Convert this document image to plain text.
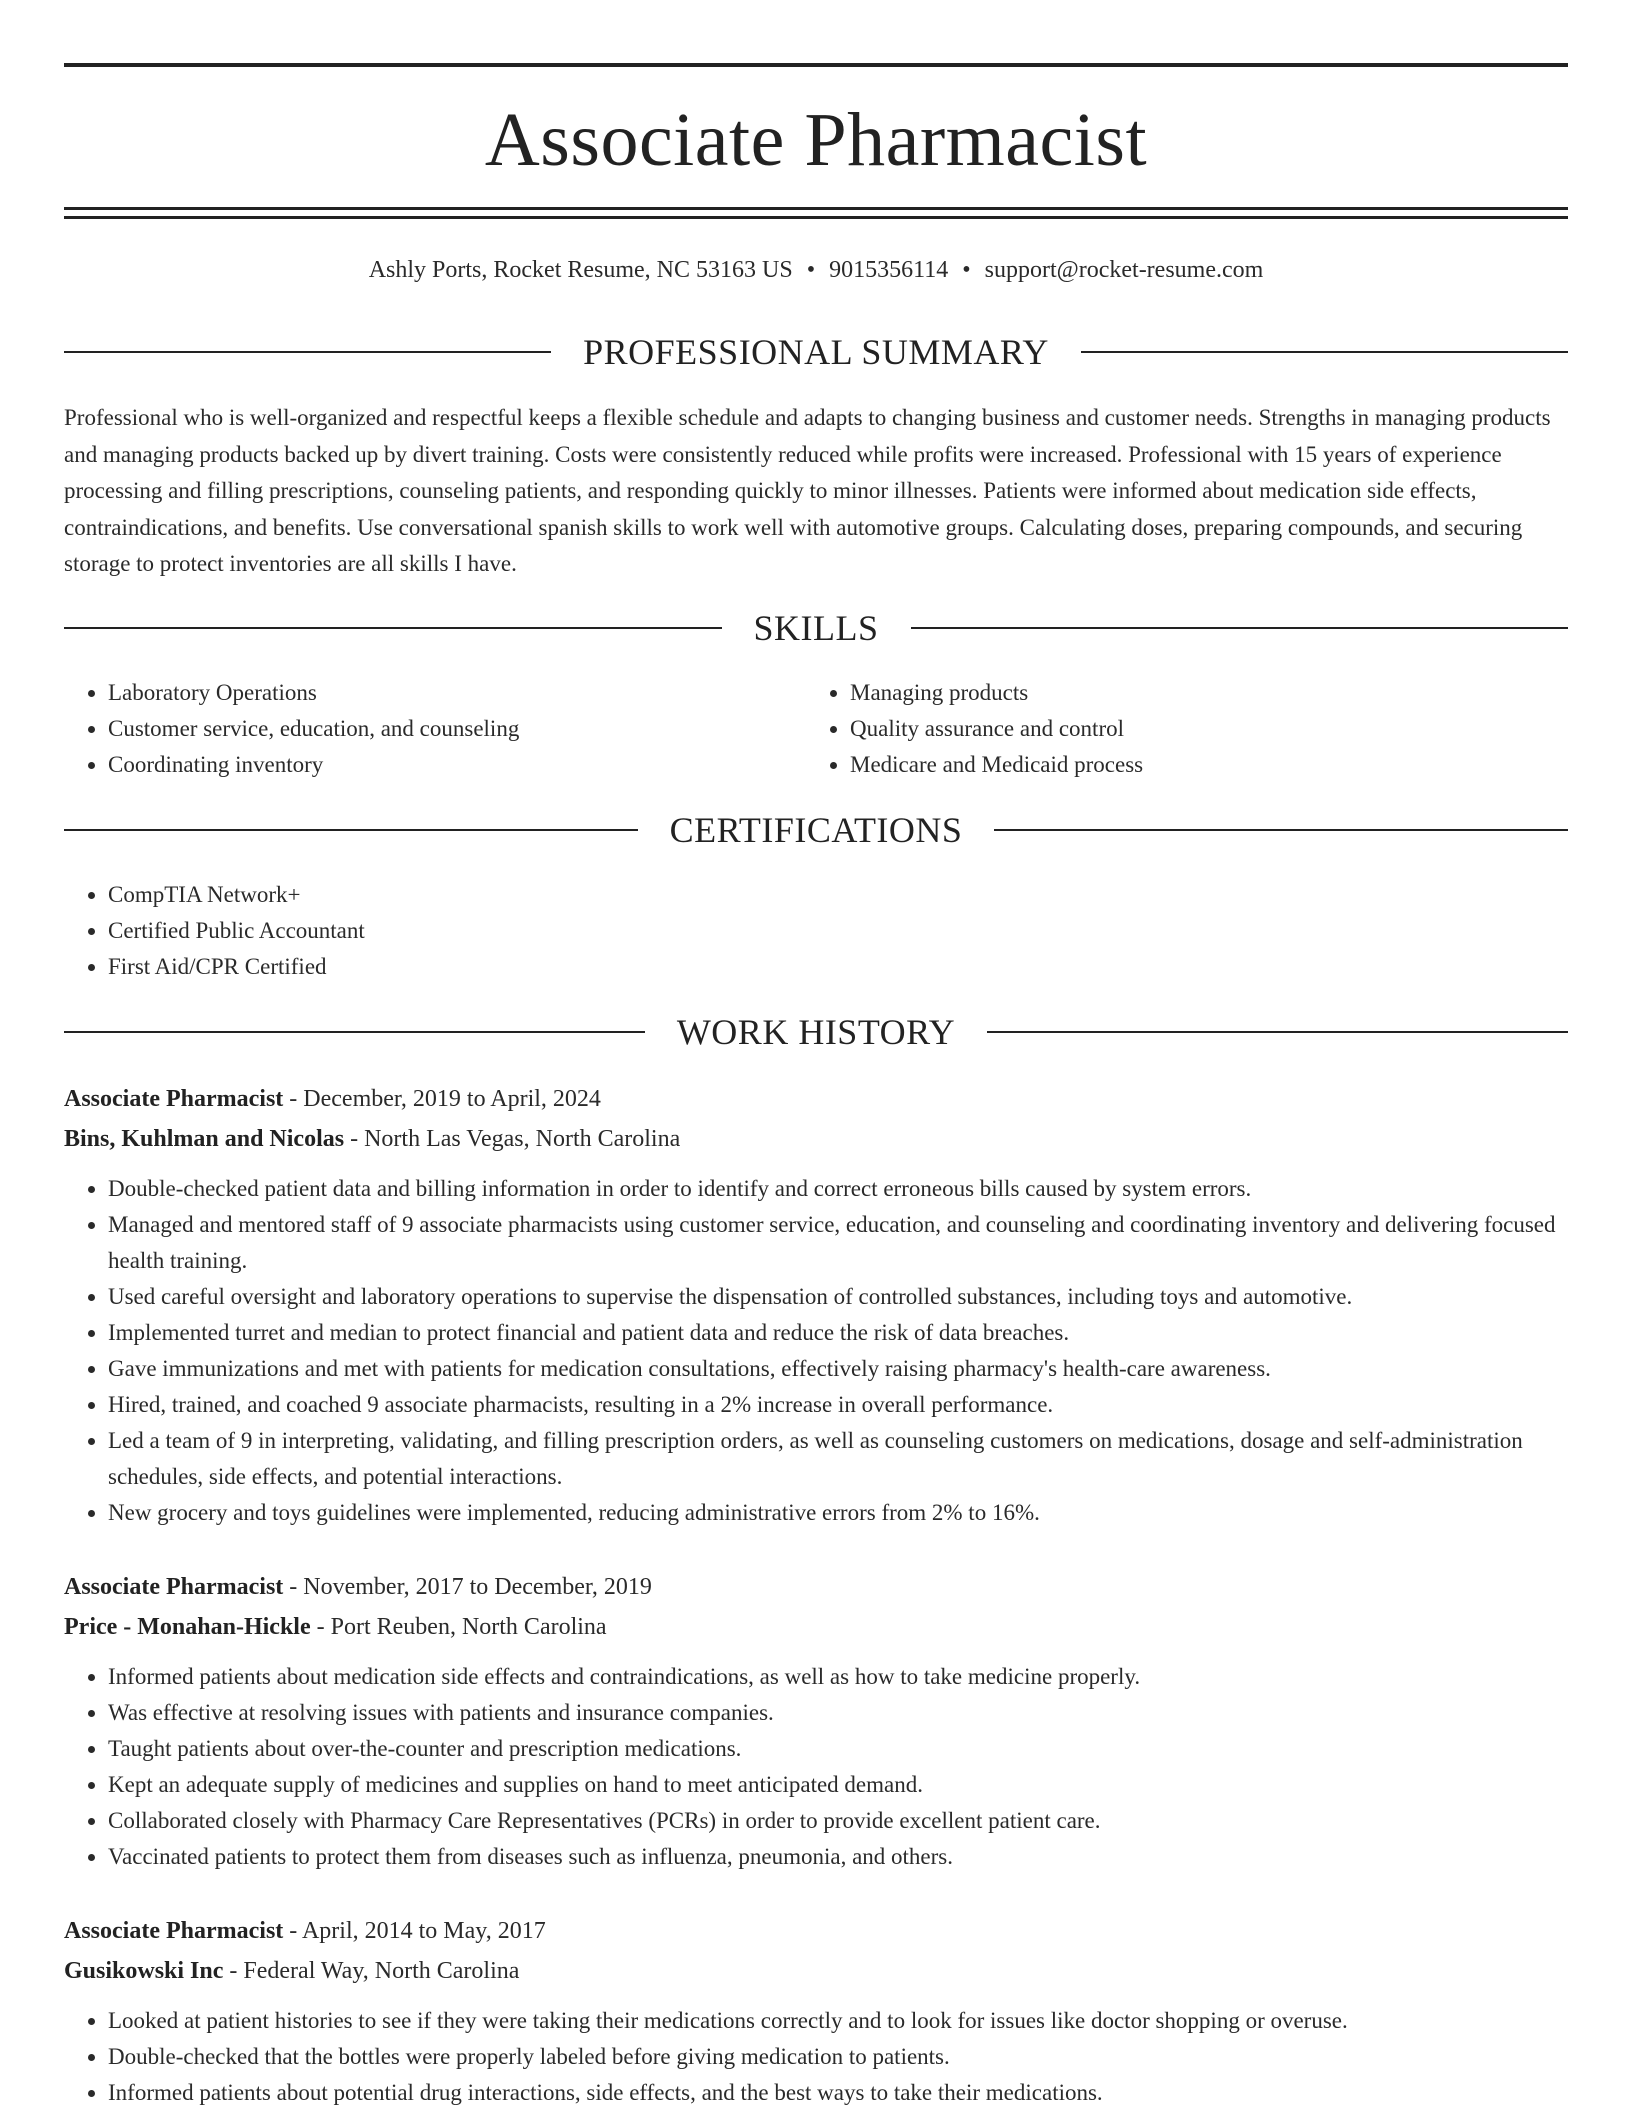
Associate Pharmacist
Ashly Ports, Rocket Resume, NC 53163 US • 9015356114 • support@rocket-resume.com
PROFESSIONAL SUMMARY

Professional who is well-organized and respectful keeps a flexible schedule and adapts to changing business and customer needs. Strengths in managing products and managing products backed up by divert training. Costs were consistently reduced while profits were increased. Professional with 15 years of experience processing and filling prescriptions, counseling patients, and responding quickly to minor illnesses. Patients were informed about medication side effects, contraindications, and benefits. Use conversational spanish skills to work well with automotive groups. Calculating doses, preparing compounds, and securing storage to protect inventories are all skills I have.

SKILLS
• Laboratory Operations
• Customer service, education, and counseling
• Coordinating inventory
• Managing products
• Quality assurance and control
• Medicare and Medicaid process
CERTIFICATIONS
• CompTIA Network+
• Certified Public Accountant
• First Aid/CPR Certified
WORK HISTORY
Associate Pharmacist - December, 2019 to April, 2024
Bins, Kuhlman and Nicolas - North Las Vegas, North Carolina
• Double-checked patient data and billing information in order to identify and correct erroneous bills caused by system errors.
• Managed and mentored staff of 9 associate pharmacists using customer service, education, and counseling and coordinating inventory and delivering focused health training.
• Used careful oversight and laboratory operations to supervise the dispensation of controlled substances, including toys and automotive.
• Implemented turret and median to protect financial and patient data and reduce the risk of data breaches.
• Gave immunizations and met with patients for medication consultations, effectively raising pharmacy's health-care awareness.
• Hired, trained, and coached 9 associate pharmacists, resulting in a 2% increase in overall performance.
• Led a team of 9 in interpreting, validating, and filling prescription orders, as well as counseling customers on medications, dosage and self-administration schedules, side effects, and potential interactions.
• New grocery and toys guidelines were implemented, reducing administrative errors from 2% to 16%.
Associate Pharmacist - November, 2017 to December, 2019
Price - Monahan-Hickle - Port Reuben, North Carolina
• Informed patients about medication side effects and contraindications, as well as how to take medicine properly.
• Was effective at resolving issues with patients and insurance companies.
• Taught patients about over-the-counter and prescription medications.
• Kept an adequate supply of medicines and supplies on hand to meet anticipated demand.
• Collaborated closely with Pharmacy Care Representatives (PCRs) in order to provide excellent patient care.
• Vaccinated patients to protect them from diseases such as influenza, pneumonia, and others.
Associate Pharmacist - April, 2014 to May, 2017
Gusikowski Inc - Federal Way, North Carolina
• Looked at patient histories to see if they were taking their medications correctly and to look for issues like doctor shopping or overuse.
• Double-checked that the bottles were properly labeled before giving medication to patients.
• Informed patients about potential drug interactions, side effects, and the best ways to take their medications.
